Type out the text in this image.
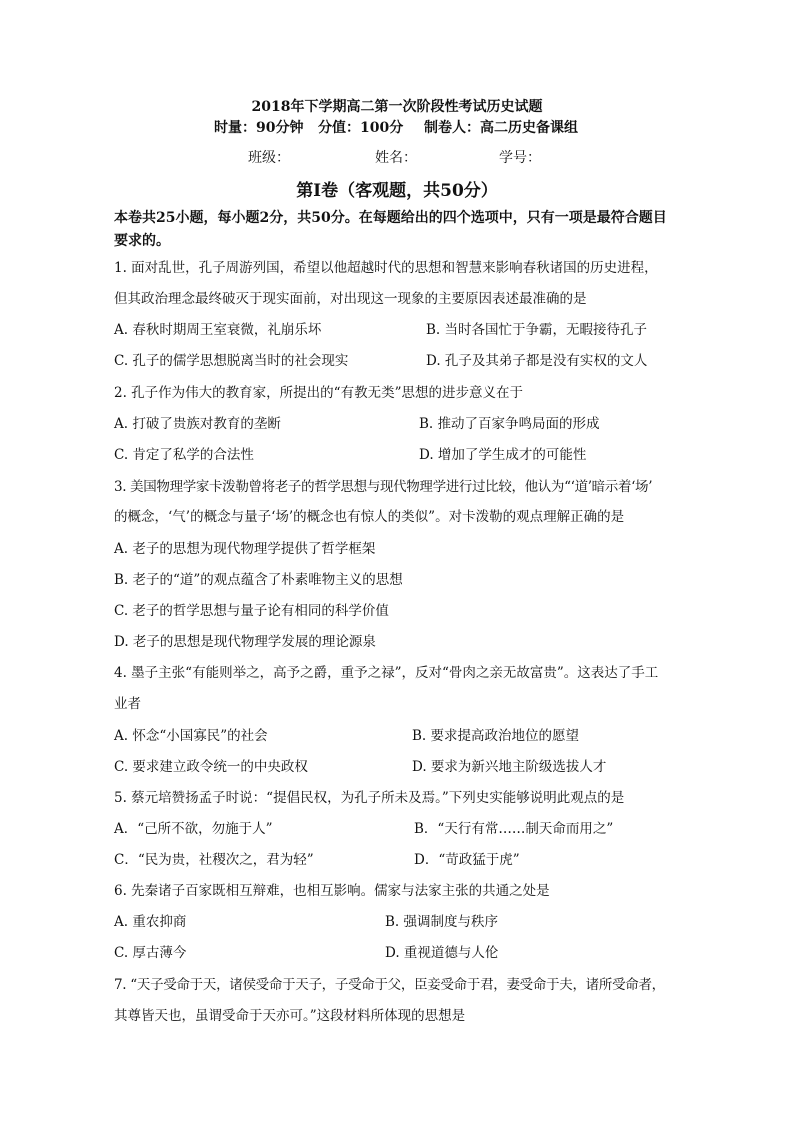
2018年下学期高二第一次阶段性考试历史试题
时量：90分钟 分值：100分 制卷人：高二历史备课组
班级：	姓名：	学号：
第Ⅰ卷（客观题，共50分）
本卷共25小题，每小题2分，共50分。在每题给出的四个选项中，只有一项是最符合题目
要求的。
1. 面对乱世，孔子周游列国，希望以他超越时代的思想和智慧来影响春秋诸国的历史进程，
但其政治理念最终破灭于现实面前，对出现这一现象的主要原因表述最准确的是
A. 春秋时期周王室衰微，礼崩乐坏	B. 当时各国忙于争霸，无暇接待孔子
C. 孔子的儒学思想脱离当时的社会现实	D. 孔子及其弟子都是没有实权的文人
2. 孔子作为伟大的教育家，所提出的“有教无类”思想的进步意义在于
A. 打破了贵族对教育的垄断	B. 推动了百家争鸣局面的形成
C. 肯定了私学的合法性	D. 增加了学生成才的可能性
3. 美国物理学家卡泼勒曾将老子的哲学思想与现代物理学进行过比较，他认为“‘道’暗示着‘场’
的概念，‘气’的概念与量子‘场’的概念也有惊人的类似”。对卡泼勒的观点理解正确的是
A. 老子的思想为现代物理学提供了哲学框架
B. 老子的“道”的观点蕴含了朴素唯物主义的思想
C. 老子的哲学思想与量子论有相同的科学价值
D. 老子的思想是现代物理学发展的理论源泉
4. 墨子主张“有能则举之，高予之爵，重予之禄”，反对“骨肉之亲无故富贵”。这表达了手工
业者
A. 怀念“小国寡民”的社会	B. 要求提高政治地位的愿望
C. 要求建立政令统一的中央政权	D. 要求为新兴地主阶级选拔人才
5. 蔡元培赞扬孟子时说：“提倡民权，为孔子所未及焉。”下列史实能够说明此观点的是
A．“己所不欲，勿施于人”	B．“天行有常……制天命而用之”
C．“民为贵，社稷次之，君为轻”	D．“苛政猛于虎”
6. 先秦诸子百家既相互辩难，也相互影响。儒家与法家主张的共通之处是
A. 重农抑商	B. 强调制度与秩序
C. 厚古薄今	D. 重视道德与人伦
7. “天子受命于天，诸侯受命于天子，子受命于父，臣妾受命于君，妻受命于夫，诸所受命者，
其尊皆天也，虽谓受命于天亦可。”这段材料所体现的思想是
